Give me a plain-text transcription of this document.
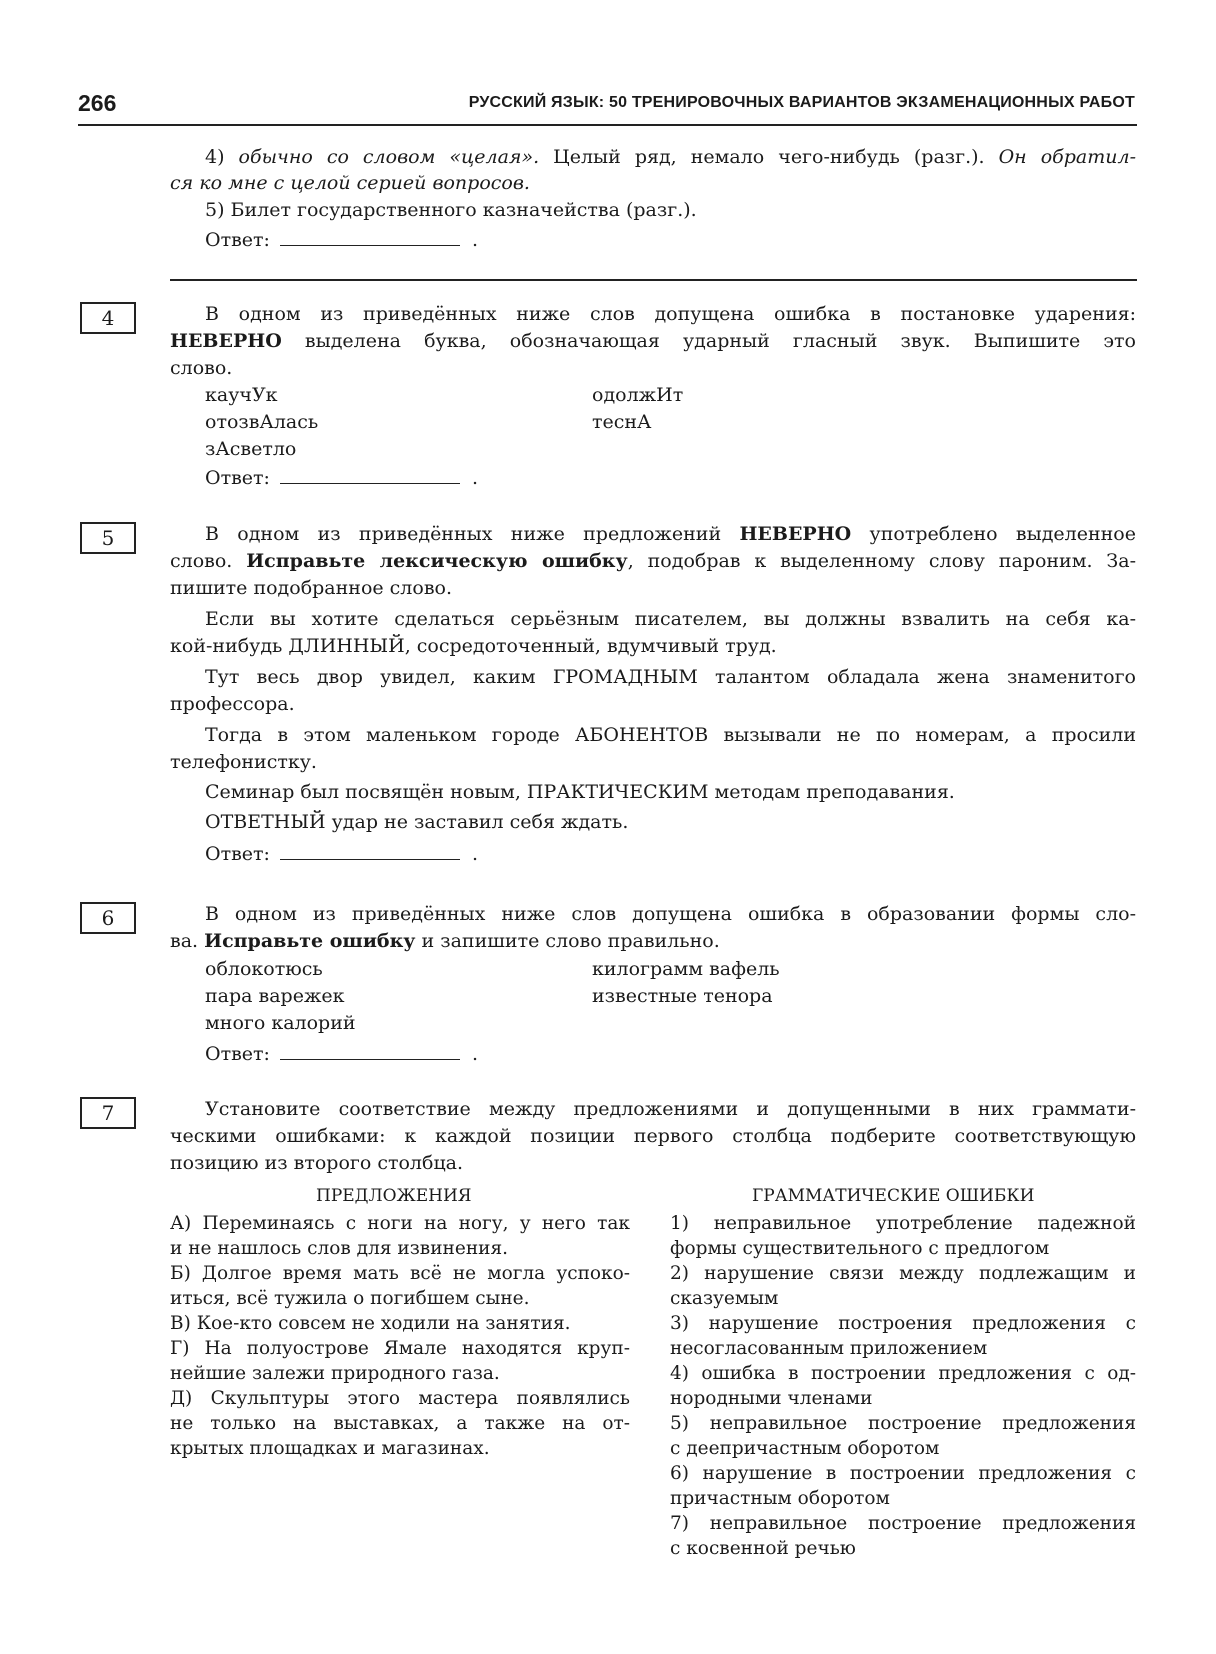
266	РУССКИЙ ЯЗЫК: 50 ТРЕНИРОВОЧНЫХ ВАРИАНТОВ ЭКЗАМЕНАЦИОННЫХ РАБОТ
4) обычно со словом «целая». Целый ряд, немало чего-нибудь (разг.). Он обратил-
ся ко мне с целой серией вопросов.
5) Билет государственного казначейства (разг.).
Ответ:	.
4	В одном из приведённых ниже слов допущена ошибка в постановке ударения:
НЕВЕРНО выделена буква, обозначающая ударный гласный звук. Выпишите это
слово.
каучУк
отозвАлась
зАсветло
одолжИт
теснА
Ответ:	.
5	В одном из приведённых ниже предложений НЕВЕРНО употреблено выделенное
слово. Исправьте лексическую ошибку, подобрав к выделенному слову пароним. За-
пишите подобранное слово.
Если вы хотите сделаться серьёзным писателем, вы должны взвалить на себя ка-
кой-нибудь ДЛИННЫЙ, сосредоточенный, вдумчивый труд.
Тут весь двор увидел, каким ГРОМАДНЫМ талантом обладала жена знаменитого
профессора.
Тогда в этом маленьком городе АБОНЕНТОВ вызывали не по номерам, а просили
телефонистку.
Семинар был посвящён новым, ПРАКТИЧЕСКИМ методам преподавания.
ОТВЕТНЫЙ удар не заставил себя ждать.
Ответ:	.
6	В одном из приведённых ниже слов допущена ошибка в образовании формы сло-
ва. Исправьте ошибку и запишите слово правильно.
облокотюсь
пара варежек
много калорий
килограмм вафель
известные тенора
Ответ:	.
7	Установите соответствие между предложениями и допущенными в них граммати-
ческими ошибками: к каждой позиции первого столбца подберите соответствующую
позицию из второго столбца.
ПРЕДЛОЖЕНИЯ	ГРАММАТИЧЕСКИЕ ОШИБКИ
А) Переминаясь с ноги на ногу, у него так
и не нашлось слов для извинения.
Б) Долгое время мать всё не могла успоко-
иться, всё тужила о погибшем сыне.
В) Кое-кто совсем не ходили на занятия.
Г) На полуострове Ямале находятся круп-
нейшие залежи природного газа.
Д) Скульптуры этого мастера появлялись
не только на выставках, а также на от-
крытых площадках и магазинах.
1) неправильное употребление падежной
формы существительного с предлогом
2) нарушение связи между подлежащим и
сказуемым
3) нарушение построения предложения с
несогласованным приложением
4) ошибка в построении предложения с од-
нородными членами
5) неправильное построение предложения
с деепричастным оборотом
6) нарушение в построении предложения с
причастным оборотом
7) неправильное построение предложения
с косвенной речью
